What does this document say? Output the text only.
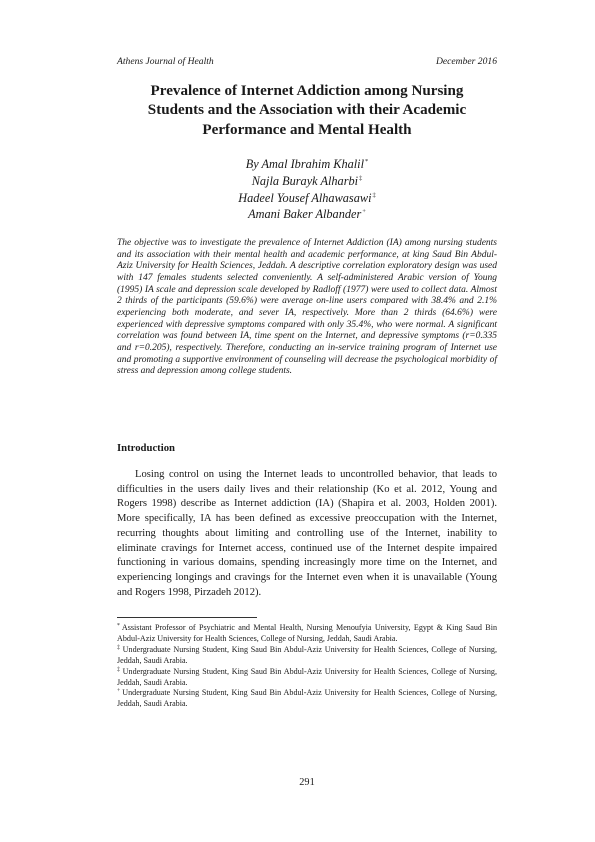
Athens Journal of Health	December 2016
Prevalence of Internet Addiction among Nursing
Students and the Association with their Academic
Performance and Mental Health
By Amal Ibrahim Khalil*
Najla Burayk Alharbi‡
Hadeel Yousef Alhawasawi‡
Amani Baker Albander+
The objective was to investigate the prevalence of Internet Addiction (IA) among nursing students and its association with their mental health and academic performance, at king Saud Bin Abdul-Aziz University for Health Sciences, Jeddah. A descriptive correlation exploratory design was used with 147 females students selected conveniently. A self-administered Arabic version of Young (1995) IA scale and depression scale developed by Radloff (1977) were used to collect data. Almost 2 thirds of the participants (59.6%) were average on-line users compared with 38.4% and 2.1% experiencing both moderate, and sever IA, respectively. More than 2 thirds (64.6%) were experienced with depressive symptoms compared with only 35.4%, who were normal. A significant correlation was found between IA, time spent on the Internet, and depressive symptoms (r=0.335 and r=0.205), respectively. Therefore, conducting an in-service training program of Internet use and promoting a supportive environment of counseling will decrease the psychological morbidity of stress and depression among college students.
Introduction
Losing control on using the Internet leads to uncontrolled behavior, that leads to difficulties in the users daily lives and their relationship (Ko et al. 2012, Young and Rogers 1998) describe as Internet addiction (IA) (Shapira et al. 2003, Holden 2001). More specifically, IA has been defined as excessive preoccupation with the Internet, recurring thoughts about limiting and controlling use of the Internet, inability to eliminate cravings for Internet access, continued use of the Internet despite impaired functioning in various domains, spending increasingly more time on the Internet, and experiencing longings and cravings for the Internet even when it is unavailable (Young and Rogers 1998, Pirzadeh 2012).

* Assistant Professor of Psychiatric and Mental Health, Nursing Menoufyia University, Egypt & King Saud Bin Abdul-Aziz University for Health Sciences, College of Nursing, Jeddah, Saudi Arabia.

‡ Undergraduate Nursing Student, King Saud Bin Abdul-Aziz University for Health Sciences, College of Nursing, Jeddah, Saudi Arabia.

‡ Undergraduate Nursing Student, King Saud Bin Abdul-Aziz University for Health Sciences, College of Nursing, Jeddah, Saudi Arabia.

+ Undergraduate Nursing Student, King Saud Bin Abdul-Aziz University for Health Sciences, College of Nursing, Jeddah, Saudi Arabia.

291
